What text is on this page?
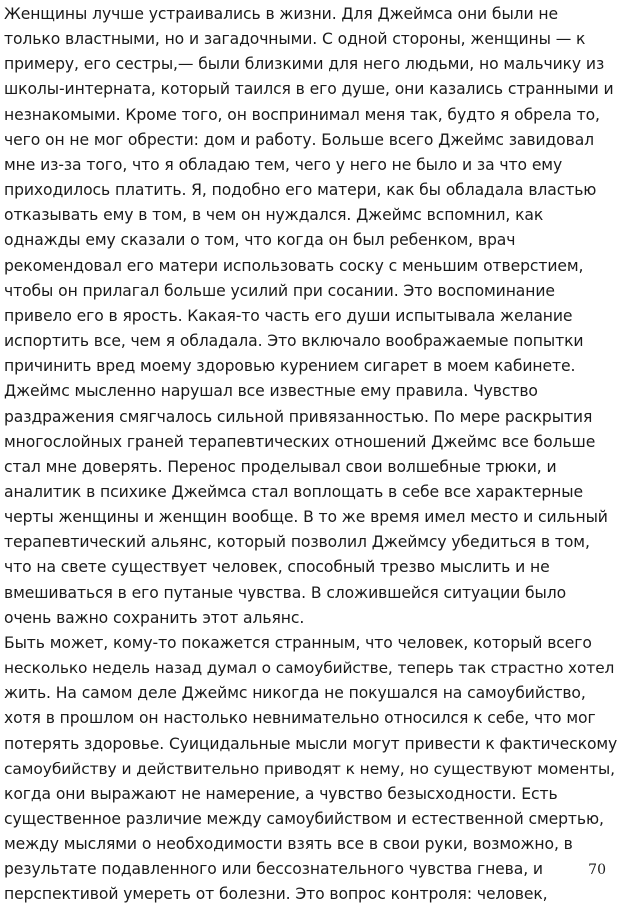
Женщины лучше устраивались в жизни. Для Джеймса они были не
только властными, но и загадочными. С одной стороны, женщины — к
примеру, его сестры,— были близкими для него людьми, но мальчику из
школы-интерната, который таился в его душе, они казались странными и
незнакомыми. Кроме того, он воспринимал меня так, будто я обрела то,
чего он не мог обрести: дом и работу. Больше всего Джеймс завидовал
мне из-за того, что я обладаю тем, чего у него не было и за что ему
приходилось платить. Я, подобно его матери, как бы обладала властью
отказывать ему в том, в чем он нуждался. Джеймс вспомнил, как
однажды ему сказали о том, что когда он был ребенком, врач
рекомендовал его матери использовать соску с меньшим отверстием,
чтобы он прилагал больше усилий при сосании. Это воспоминание
привело его в ярость. Какая-то часть его души испытывала желание
испортить все, чем я обладала. Это включало воображаемые попытки
причинить вред моему здоровью курением сигарет в моем кабинете.
Джеймс мысленно нарушал все известные ему правила. Чувство
раздражения смягчалось сильной привязанностью. По мере раскрытия
многослойных граней терапевтических отношений Джеймс все больше
стал мне доверять. Перенос проделывал свои волшебные трюки, и
аналитик в психике Джеймса стал воплощать в себе все характерные
черты женщины и женщин вообще. В то же время имел место и сильный
терапевтический альянс, который позволил Джеймсу убедиться в том,
что на свете существует человек, способный трезво мыслить и не
вмешиваться в его путаные чувства. В сложившейся ситуации было
очень важно сохранить этот альянс.
Быть может, кому-то покажется странным, что человек, который всего
несколько недель назад думал о самоубийстве, теперь так страстно хотел
жить. На самом деле Джеймс никогда не покушался на самоубийство,
хотя в прошлом он настолько невнимательно относился к себе, что мог
потерять здоровье. Суицидальные мысли могут привести к фактическому
самоубийству и действительно приводят к нему, но существуют моменты,
когда они выражают не намерение, а чувство безысходности. Есть
существенное различие между самоубийством и естественной смертью,
между мыслями о необходимости взять все в свои руки, возможно, в
результате подавленного или бессознательного чувства гнева, и
перспективой умереть от болезни. Это вопрос контроля: человек,
70
